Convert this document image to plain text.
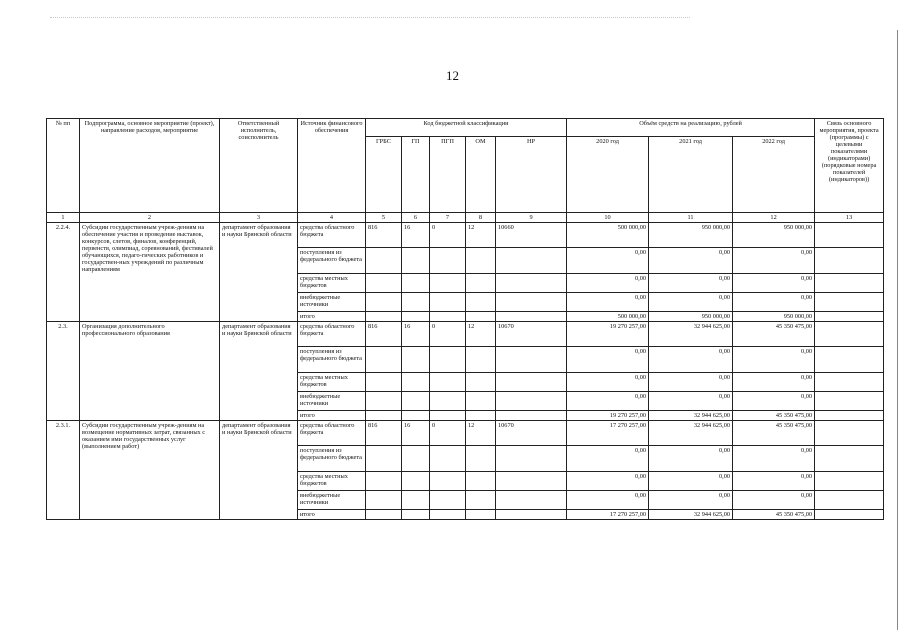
12
№ пп	Подпрограмма, основное мероприятие (проект), направление расходов, мероприятие	Ответственный исполнитель, соисполнитель	Источник финансового обеспечения	Код бюджетной классификации					Объём средств на реализацию, рублей			Связь основного мероприятия, проекта (программы) с целевыми показателями (индикаторами) (порядковые номера показателей (индикаторов))
				ГРБС	ГП	ПГП	ОМ	НР	2020 год	2021 год	2022 год	
1	2	3	4	5	6	7	8	9	10	11	12	13
2.2.4.	Субсидии государственным учреж-дениям на обеспечение участия и проведение выставок, конкурсов, слетов, финалов, конференций, первенств, олимпиад, соревнований, фестивалей обучающихся, педаго-гических работников и государствен-ных учреждений по различным направлениям	департамент образования и науки Брянской области	средства областного бюджета	816	16	0	12	10660	500 000,00	950 000,00	950 000,00	
			поступления из федерального бюджета						0,00	0,00	0,00	
			средства местных бюджетов						0,00	0,00	0,00	
			внебюджетные источники						0,00	0,00	0,00	
			итого						500 000,00	950 000,00	950 000,00	
2.3.	Организация дополнительного профессионального образования	департамент образования и науки Брянской области	средства областного бюджета	816	16	0	12	10670	19 270 257,00	32 944 625,00	45 350 475,00	
			поступления из федерального бюджета						0,00	0,00	0,00	
			средства местных бюджетов						0,00	0,00	0,00	
			внебюджетные источники						0,00	0,00	0,00	
			итого						19 270 257,00	32 944 625,00	45 350 475,00	
2.3.1.	Субсидии государственным учреж-дениям на возмещение нормативных затрат, связанных с оказанием ими государственных услуг (выполнением работ)	департамент образования и науки Брянской области	средства областного бюджета	816	16	0	12	10670	17 270 257,00	32 944 625,00	45 350 475,00	
			поступления из федерального бюджета						0,00	0,00	0,00	
			средства местных бюджетов						0,00	0,00	0,00	
			внебюджетные источники						0,00	0,00	0,00	
			итого						17 270 257,00	32 944 625,00	45 350 475,00	
